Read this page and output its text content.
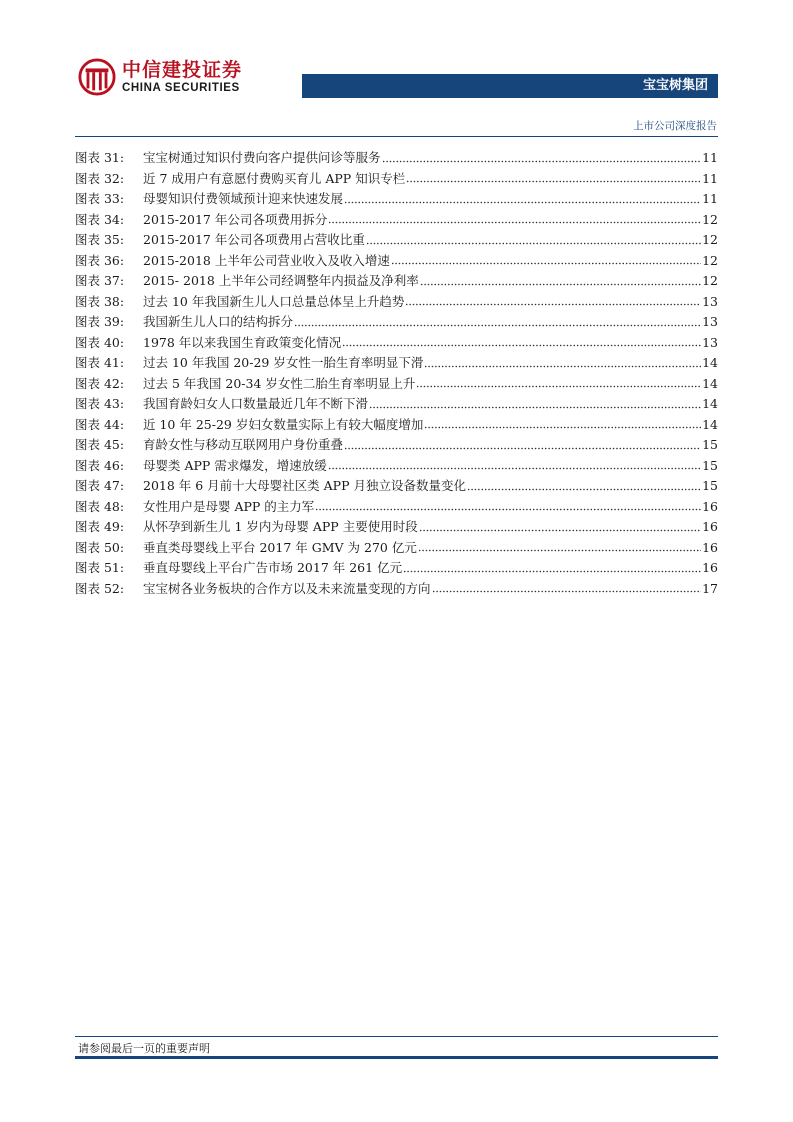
中信建投证券
CHINA SECURITIES	宝宝树集团
上市公司深度报告
图表 31:	宝宝树通过知识付费向客户提供问诊等服务	11
图表 32:	近 7 成用户有意愿付费购买育儿 APP 知识专栏	11
图表 33:	母婴知识付费领域预计迎来快速发展	11
图表 34:	2015-2017 年公司各项费用拆分	12
图表 35:	2015-2017 年公司各项费用占营收比重	12
图表 36:	2015-2018 上半年公司营业收入及收入增速	12
图表 37:	2015- 2018 上半年公司经调整年内损益及净利率	12
图表 38:	过去 10 年我国新生儿人口总量总体呈上升趋势	13
图表 39:	我国新生儿人口的结构拆分	13
图表 40:	1978 年以来我国生育政策变化情况	13
图表 41:	过去 10 年我国 20-29 岁女性一胎生育率明显下滑	14
图表 42:	过去 5 年我国 20-34 岁女性二胎生育率明显上升	14
图表 43:	我国育龄妇女人口数量最近几年不断下滑	14
图表 44:	近 10 年 25-29 岁妇女数量实际上有较大幅度增加	14
图表 45:	育龄女性与移动互联网用户身份重叠	15
图表 46:	母婴类 APP 需求爆发，增速放缓	15
图表 47:	2018 年 6 月前十大母婴社区类 APP 月独立设备数量变化	15
图表 48:	女性用户是母婴 APP 的主力军	16
图表 49:	从怀孕到新生儿 1 岁内为母婴 APP 主要使用时段	16
图表 50:	垂直类母婴线上平台 2017 年 GMV 为 270 亿元	16
图表 51:	垂直母婴线上平台广告市场 2017 年 261 亿元	16
图表 52:	宝宝树各业务板块的合作方以及未来流量变现的方向	17
请参阅最后一页的重要声明
